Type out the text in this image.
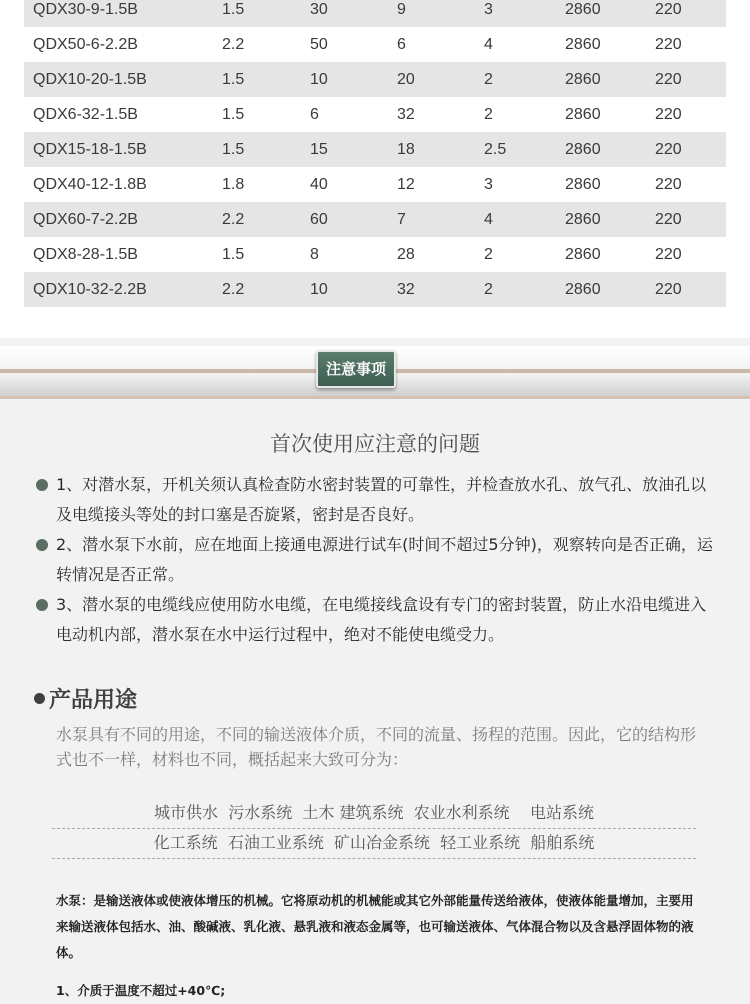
QDX30-9-1.5B	1.5	30	9	3	2860	220
QDX50-6-2.2B	2.2	50	6	4	2860	220
QDX10-20-1.5B	1.5	10	20	2	2860	220
QDX6-32-1.5B	1.5	6	32	2	2860	220
QDX15-18-1.5B	1.5	15	18	2.5	2860	220
QDX40-12-1.8B	1.8	40	12	3	2860	220
QDX60-7-2.2B	2.2	60	7	4	2860	220
QDX8-28-1.5B	1.5	8	28	2	2860	220
QDX10-32-2.2B	2.2	10	32	2	2860	220
注意事项
首次使用应注意的问题
1、对潜水泵，开机关须认真检查防水密封装置的可靠性，并检查放水孔、放气孔、放油孔以及电缆接头等处的封口塞是否旋紧，密封是否良好。
2、潜水泵下水前，应在地面上接通电源进行试车(时间不超过5分钟)，观察转向是否正确，运转情况是否正常。
3、潜水泵的电缆线应使用防水电缆，在电缆接线盒设有专门的密封装置，防止水沿电缆进入电动机内部，潜水泵在水中运行过程中，绝对不能使电缆受力。
产品用途
水泵具有不同的用途，不同的输送液体介质，不同的流量、扬程的范围。因此，它的结构形式也不一样，材料也不同，概括起来大致可分为：
城市供水  污水系统  土木 建筑系统  农业水利系统    电站系统
化工系统  石油工业系统  矿山冶金系统  轻工业系统  船舶系统
水泵：是输送液体或使液体增压的机械。它将原动机的机械能或其它外部能量传送给液体，使液体能量增加，主要用来输送液体包括水、油、酸碱液、乳化液、悬乳液和液态金属等，也可输送液体、气体混合物以及含悬浮固体物的液体。
1、介质于温度不超过+40℃;
